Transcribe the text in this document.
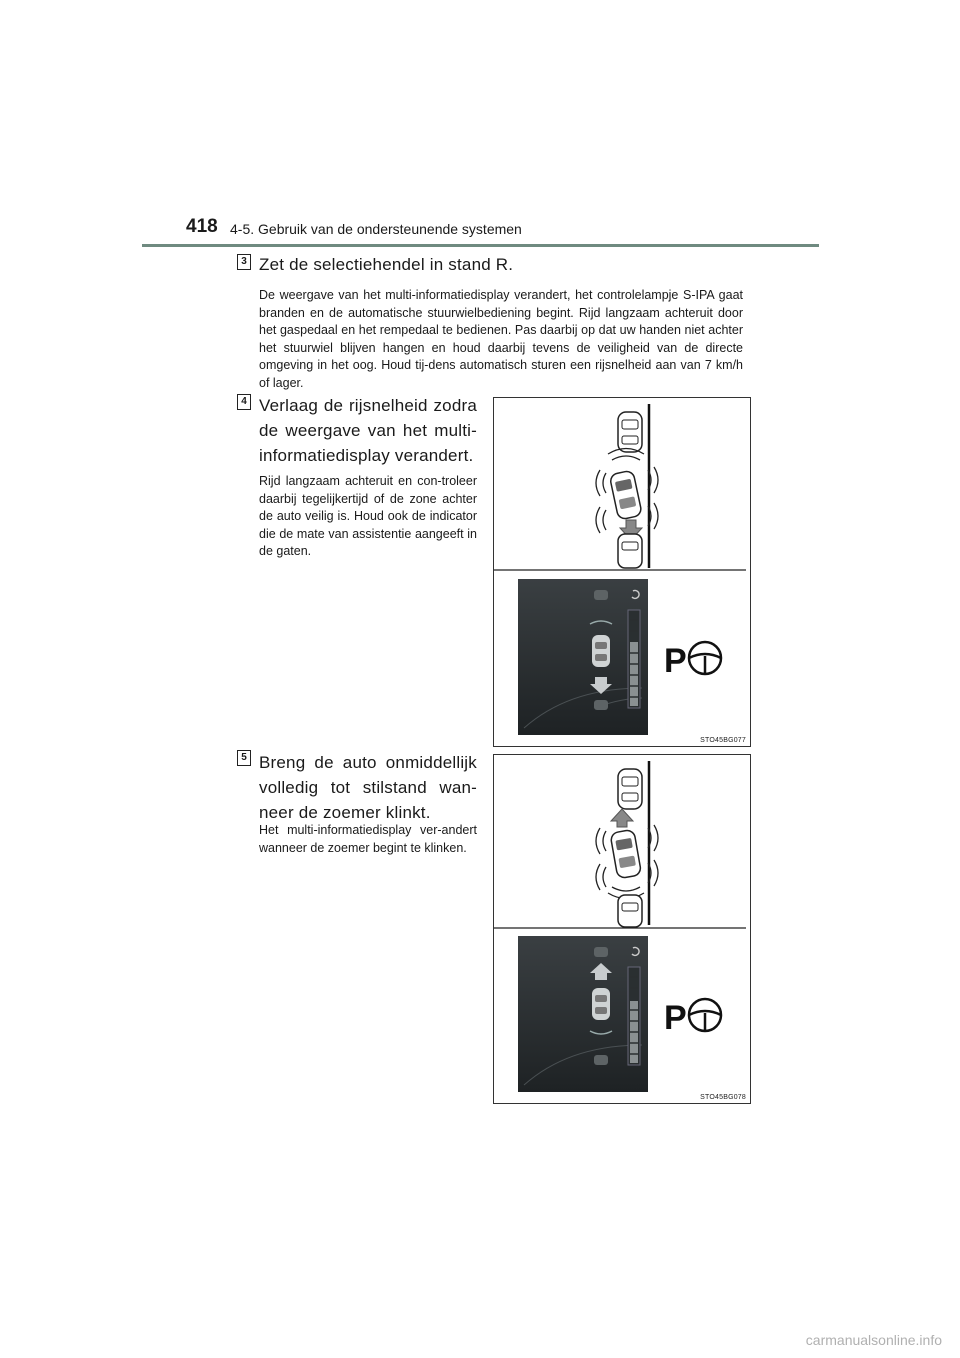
418 4-5. Gebruik van de ondersteunende systemen
3 Zet de selectiehendel in stand R.
De weergave van het multi-informatiedisplay verandert, het controlelampje S-IPA gaat branden en de automatische stuurwielbediening begint. Rijd langzaam achteruit door het gaspedaal en het rempedaal te bedienen. Pas daarbij op dat uw handen niet achter het stuurwiel blijven hangen en houd daarbij tevens de veiligheid van de directe omgeving in het oog. Houd tij-dens automatisch sturen een rijsnelheid aan van 7 km/h of lager.
4 Verlaag de rijsnelheid zodra de weergave van het multi-informatiedisplay verandert.
Rijd langzaam achteruit en con-troleer daarbij tegelijkertijd of de zone achter de auto veilig is. Houd ook de indicator die de mate van assistentie aangeeft in de gaten.
P
STO45BG077
5 Breng de auto onmiddellijk volledig tot stilstand wan-neer de zoemer klinkt.
Het multi-informatiedisplay ver-andert wanneer de zoemer begint te klinken.
P
STO45BG078
carmanualsonline.info
